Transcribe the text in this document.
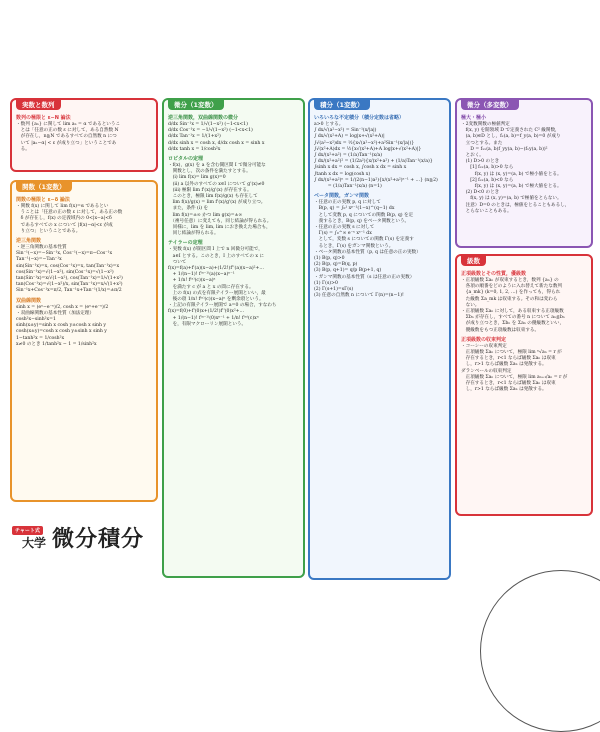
実数と数列
数列の極限と ε−N 論法
・数列 {aₙ} に関して lim aₙ = α であるというこ
　とは「任意の正の数 ε に対して，ある自然数 N
　が存在し，n≧N であるすべての自然数 n につ
　いて |aₙ−α| < ε が成り立つ」ということであ
　る。
関数（1変数）
関数の極限と ε−δ 論法
・関数 f(x) に関して lim f(x)=α であるとい
　うことは「任意の正の数 ε に対して，ある正の数
　δ が存在し，f(x) の定義域内の 0<|x−a|<δ
　であるすべての x について |f(x)−α|<ε が成
　り立つ」ということである。
逆三角関数
・逆三角関数の基本性質
Sin⁻¹(−x)=−Sin⁻¹x, Cos⁻¹(−x)=π−Cos⁻¹x
Tan⁻¹(−x)=−Tan⁻¹x
sin(Sin⁻¹x)=x, cos(Cos⁻¹x)=x, tan(Tan⁻¹x)=x
cos(Sin⁻¹x)=√(1−x²), sin(Cos⁻¹x)=√(1−x²)
tan(Sin⁻¹x)=x/√(1−x²), cos(Tan⁻¹x)=1/√(1+x²)
tan(Cos⁻¹x)=√(1−x²)/x, sin(Tan⁻¹x)=x/√(1+x²)
Sin⁻¹x+Cos⁻¹x=π/2, Tan⁻¹x+Tan⁻¹(1/x)=±π/2
双曲線関数
sinh x = (eˣ−e⁻ˣ)/2, cosh x = (eˣ+e⁻ˣ)/2
・双曲線関数の基本性質（加法定理）
cosh²x−sinh²x=1
sinh(x±y)=sinh x cosh y±cosh x sinh y
cosh(x±y)=cosh x cosh y±sinh x sinh y
1−tanh²x = 1/cosh²x
x≠0 のとき 1/tanh²x − 1 = 1/sinh²x
微分（1変数）
逆三角関数，双曲線関数の微分
d/dx Sin⁻¹x = 1/√(1−x²) (−1<x<1)
d/dx Cos⁻¹x = −1/√(1−x²) (−1<x<1)
d/dx Tan⁻¹x = 1/(1+x²)
d/dx sinh x = cosh x, d/dx cosh x = sinh x
d/dx tanh x = 1/cosh²x
ロピタルの定理
・f(x)，g(x) を a を含む開区間 I で微分可能な
　関数とし，次の条件を満たすとする。
　(i) lim f(x)= lim g(x)=0
　(ii) a 以外のすべての x∈I について g'(x)≠0
　(iii) 極限 lim f'(x)/g'(x) が存在する。
　このとき，極限 lim f(x)/g(x) も存在して
　lim f(x)/g(x) = lim f'(x)/g'(x) が成り立つ。
　また，条件 (i) を
　lim f(x)=±∞ かつ lim g(x)=±∞
　（複号任意）に変えても，同じ結論が得られる。
　同様に，lim を lim, lim におき換えた場合も，
　同じ結論が得られる。
テイラーの定理
・実数 f(x) が開区間 I 上で n 回微分可能で，
　a∈I とする。このとき，I 上のすべての x に
　ついて
f(x)=f(a)+f'(a)(x−a)+(1/2!)f''(a)(x−a)²+…
　+ 1/(n−1)! f⁽ⁿ⁻¹⁾(a)(x−a)ⁿ⁻¹
　+ 1/n! f⁽ⁿ⁾(c)(x−a)ⁿ
　を満たす c が a と x の間に存在する。
　上の f(x) の式を有限テイラー展開といい，最
　後の項 1/n! f⁽ⁿ⁾(c)(x−a)ⁿ を剰余項という。
・上記の有限テイラー展開で a=0 の場合，すなわち
f(x)=f(0)+f'(0)x+(1/2!)f''(0)x²+…
　+ 1/(n−1)! f⁽ⁿ⁻¹⁾(0)xⁿ⁻¹ + 1/n! f⁽ⁿ⁾(c)xⁿ
　を，有限マクローリン展開という。
積分（1変数）
いろいろな不定積分（積分定数は省略）
a>0 とする。
∫ dx/√(a²−x²) = Sin⁻¹(x/|a|)
∫ dx/√(x²+A) = log|x+√(x²+A)|
∫√(a²−x²)dx = ½{x√(a²−x²)+a²Sin⁻¹(x/|a|)}
∫√(x²+A)dx = ½{x√(x²+A)+A log|x+√(x²+A)|}
∫ dx/(x²+a²) = (1/a)Tan⁻¹(x/a)
∫ dx/(x²+a²)² = (1/2a²){x/(x²+a²) + (1/a)Tan⁻¹(x/a)}
∫sinh x dx = cosh x, ∫cosh x dx = sinh x
∫tanh x dx = log(cosh x)
∫ dx/(x²+a²)ⁿ = 1/(2(n−1)a²){x/(x²+a²)ⁿ⁻¹ + …} (n≧2)
　　　= (1/a)Tan⁻¹(x/a) (n=1)
ベータ関数，ガンマ関数
・任意の正の実数 p, q に対して
　B(p, q) = ∫₀¹ xᵖ⁻¹(1−x)^(q−1) dx
　として変数 p, q についての関数 B(p, q) を定
　義するとき，B(p, q) をベータ関数という。
・任意の正の実数 s に対して
　Γ(s) = ∫₀^∞ e⁻ˣ xˢ⁻¹ dx
　として，変数 s についての関数 Γ(s) を定義す
　るとき，Γ(s) をガンマ関数という。
・ベータ関数の基本性質（p, q は任意の正の実数）
(1) B(p, q)>0
(2) B(p, q)=B(q, p)
(3) B(p, q+1)= q/p B(p+1, q)
・ガンマ関数の基本性質（s は任意の正の実数）
(1) Γ(s)>0
(2) Γ(s+1)=sΓ(s)
(3) 任意の自然数 n について Γ(n)=(n−1)!
微分（多変数）
極大・極小
・2変数関数の極値判定
　f(x, y) を開領域 D で定義された C² 級関数，
　(a, b)∈D とし，fₓ(a, b)=f_y(a, b)=0 が成り
　立つとする。また
　　D = fₓₓ(a, b)f_yy(a, b)−(fₓy(a, b))²
　とおく。
　(1) D>0 のとき
　　[1] fₓₓ(a, b)>0 なら
　　　f(x, y) は (x, y)=(a, b) で極小値をとる。
　　[2] fₓₓ(a, b)<0 なら
　　　f(x, y) は (x, y)=(a, b) で極大値をとる。
　(2) D<0 のとき
　　f(x, y) は (x, y)=(a, b) で極値をとらない。
　注意）D=0 のときは，極値をとることもあるし，
　とらないこともある。
級数
正項級数とその性質，優級数
・正項級数 Σaₙ が収束するとき，数列 {aₙ} の
　各項の順番をどのように入れ替えて新たな数列
　{a_mk} (k=0, 1, 2, …) を作っても，得られ
　た級数 Σa_mk は収束する。その和は変わら
　ない。
・正項級数 Σaₙ に対して，ある収束する正項級数
　Σbₙ が存在し，すべての番号 n について aₙ≦bₙ
　が成り立つとき，Σbₙ を Σaₙ の優級数といい，
　優級数をもつ正項級数は収束する。
正項級数の収束判定
・コーシーの収束判定
　正項級数 Σaₙ について，極限 lim ⁿ√aₙ = r が
　存在するとき，r<1 ならば級数 Σaₙ は収束
　し，r>1 ならば級数 Σaₙ は発散する。
ダランベールの収束判定
　正項級数 Σaₙ について，極限 lim aₙ₊₁/aₙ = r が
　存在するとき，r<1 ならば級数 Σaₙ は収束
　し，r>1 ならば級数 Σaₙ は発散する。
チャート式
大学 微分積分
